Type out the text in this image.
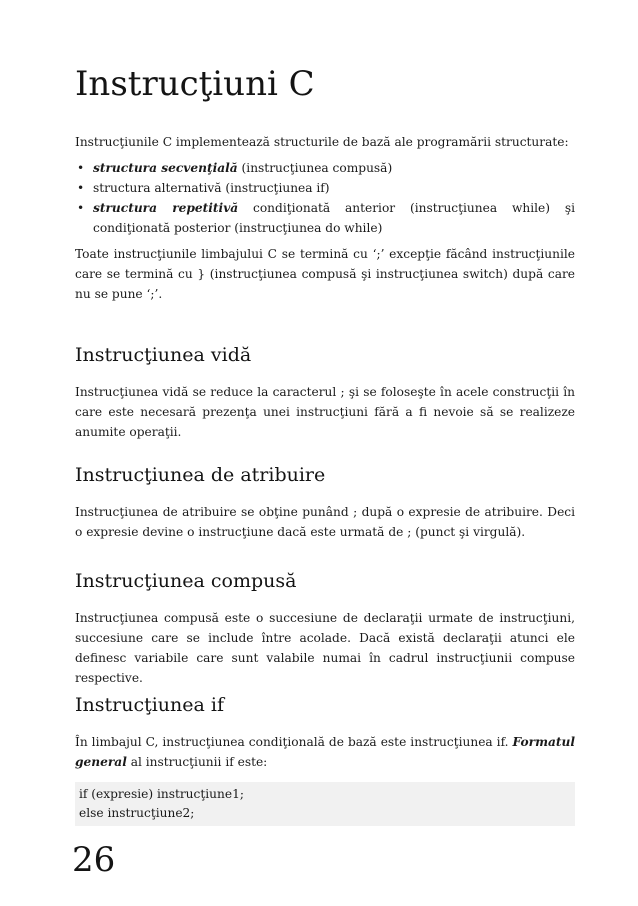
Instrucţiuni C

Instrucţiunile C implementează structurile de bază ale programării structurate:

• structura secvenţială (instrucţiunea compusă)
• structura alternativă (instrucţiunea if)
• structura repetitivă condiţionată anterior (instrucţiunea while) şi condiţionată posterior (instrucţiunea do while)

Toate instrucţiunile limbajului C se termină cu ‘;’ excepţie făcând instrucţiunile care se termină cu } (instrucţiunea compusă şi instrucţiunea switch) după care nu se pune ‘;’.

Instrucţiunea vidă

Instrucţiunea vidă se reduce la caracterul ; şi se foloseşte în acele construcţii în care este necesară prezenţa unei instrucţiuni fără a fi nevoie să se realizeze anumite operaţii.

Instrucţiunea de atribuire

Instrucţiunea de atribuire se obţine punând ; după o expresie de atribuire. Deci o expresie devine o instrucţiune dacă este urmată de ; (punct şi virgulă).

Instrucţiunea compusă

Instrucţiunea compusă este o succesiune de declaraţii urmate de instrucţiuni, succesiune care se include între acolade. Dacă există declaraţii atunci ele definesc variabile care sunt valabile numai în cadrul instrucţiunii compuse respective.

Instrucţiunea if

În limbajul C, instrucţiunea condiţională de bază este instrucţiunea if. Formatul general al instrucţiunii if este:

if (expresie) instrucţiune1;
else instrucţiune2;
26
